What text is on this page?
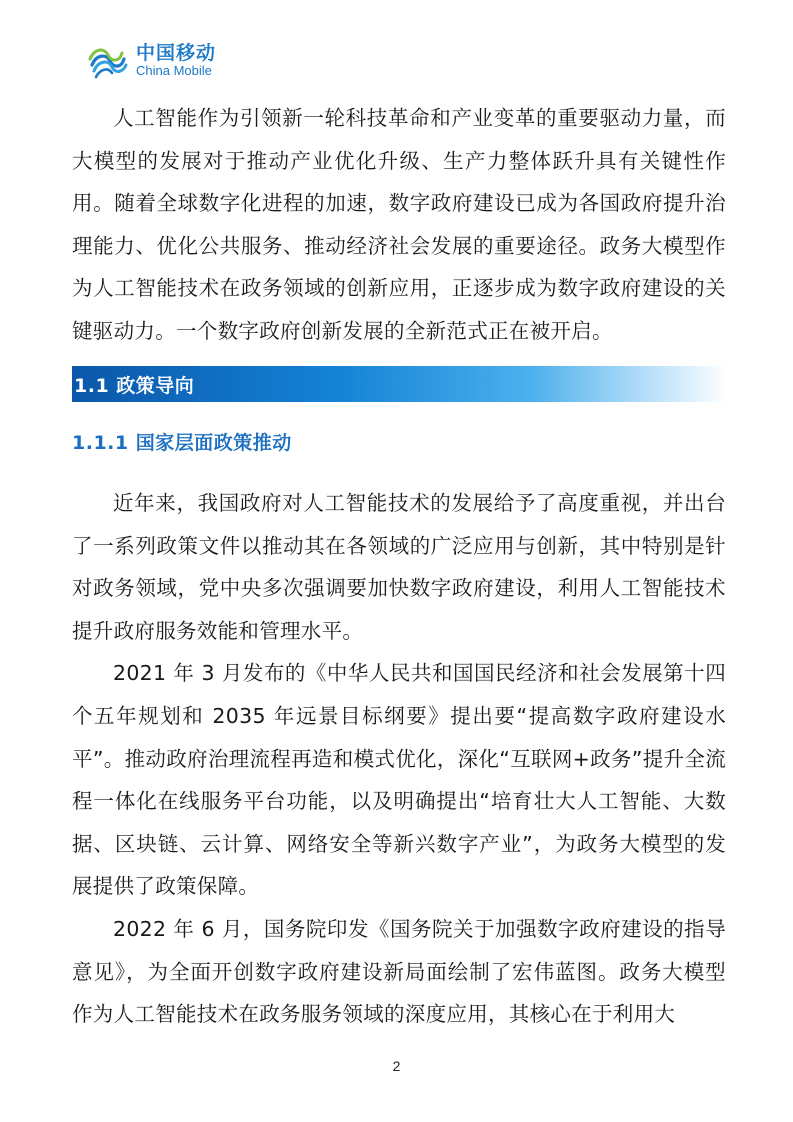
中国移动
China Mobile

人工智能作为引领新一轮科技革命和产业变革的重要驱动力量，而大模型的发展对于推动产业优化升级、生产力整体跃升具有关键性作用。随着全球数字化进程的加速，数字政府建设已成为各国政府提升治理能力、优化公共服务、推动经济社会发展的重要途径。政务大模型作为人工智能技术在政务领域的创新应用，正逐步成为数字政府建设的关键驱动力。一个数字政府创新发展的全新范式正在被开启。

1.1 政策导向
1.1.1 国家层面政策推动

近年来，我国政府对人工智能技术的发展给予了高度重视，并出台了一系列政策文件以推动其在各领域的广泛应用与创新，其中特别是针对政务领域，党中央多次强调要加快数字政府建设，利用人工智能技术提升政府服务效能和管理水平。

2021 年 3 月发布的《中华人民共和国国民经济和社会发展第十四个五年规划和 2035 年远景目标纲要》提出要“提高数字政府建设水平”。推动政府治理流程再造和模式优化，深化“互联网+政务”提升全流程一体化在线服务平台功能，以及明确提出“培育壮大人工智能、大数据、区块链、云计算、网络安全等新兴数字产业”，为政务大模型的发展提供了政策保障。

2022 年 6 月，国务院印发《国务院关于加强数字政府建设的指导意见》，为全面开创数字政府建设新局面绘制了宏伟蓝图。政务大模型作为人工智能技术在政务服务领域的深度应用，其核心在于利用大

2
